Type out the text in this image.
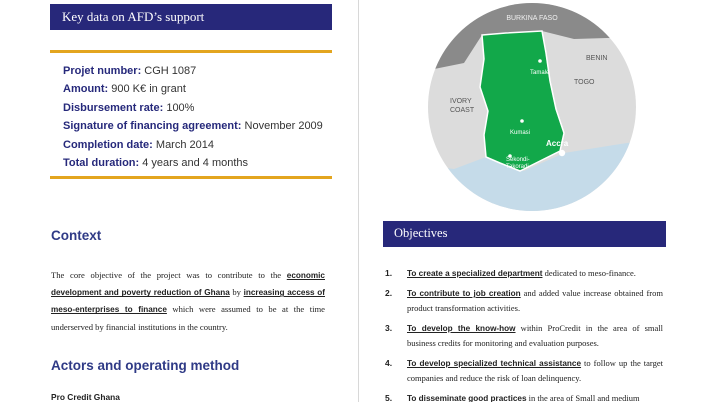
Key data on AFD’s support
Projet number: CGH 1087
Amount: 900 K€ in grant
Disbursement rate: 100%
Signature of financing agreement: November 2009
Completion date: March 2014
Total duration: 4 years and 4 months
Context

The core objective of the project was to contribute to the economic development and poverty reduction of Ghana by increasing access of meso-enterprises to finance which were assumed to be at the time underserved by financial institutions in the country.

Actors and operating method
Pro Credit Ghana
BURKINA FASO
BENIN
TOGO
IVORY
COAST
Tamale
Kumasi
Sekondi-
Takoradi
Accra
Objectives
1. To create a specialized department dedicated to meso-finance.
2. To contribute to job creation and added value increase obtained from product transformation activities.
3. To develop the know-how within ProCredit in the area of small business credits for monitoring and evaluation purposes.
4. To develop specialized technical assistance to follow up the target companies and reduce the risk of loan delinquency.
5. To disseminate good practices in the area of Small and medium
